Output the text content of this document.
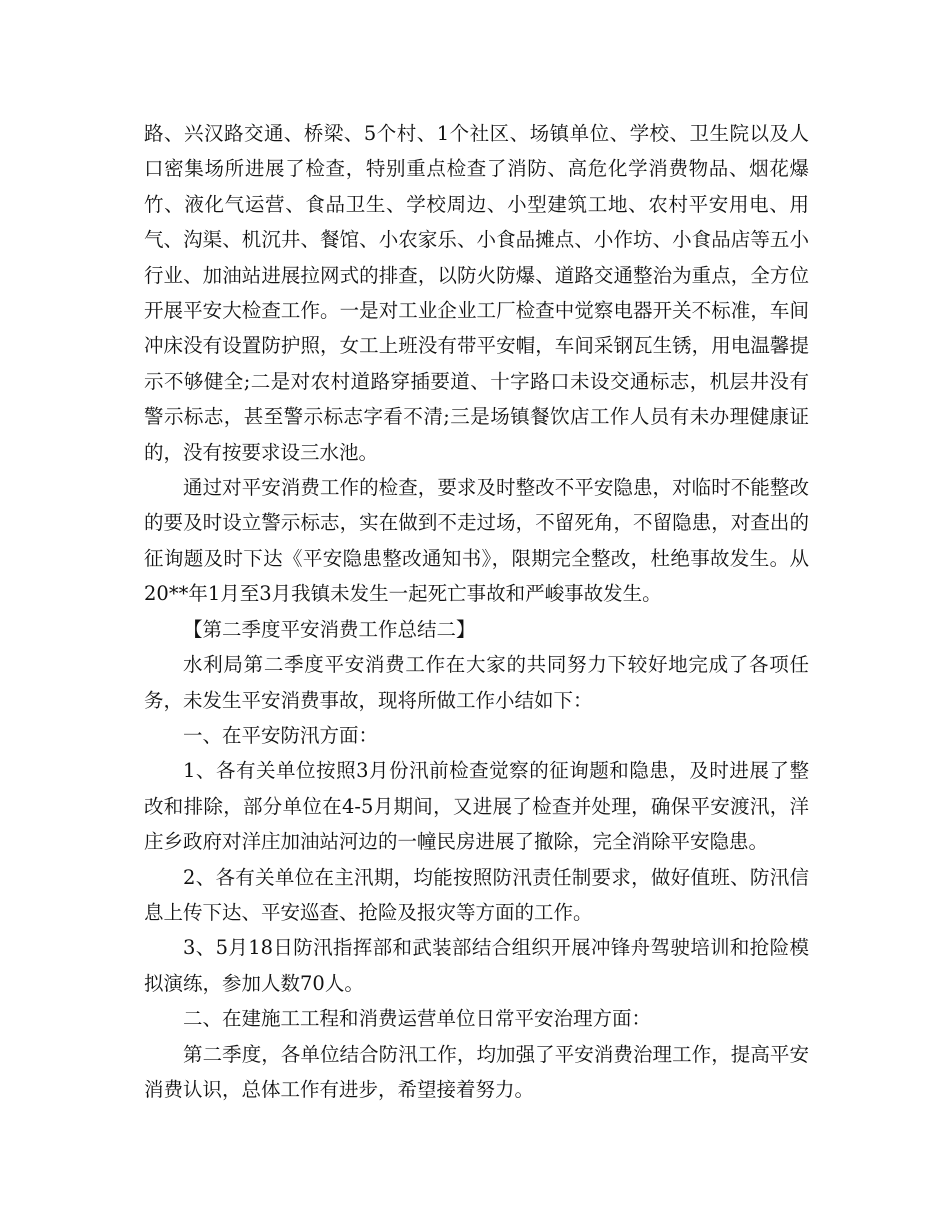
路、兴汉路交通、桥梁、5个村、1个社区、场镇单位、学校、卫生院以及人口密集场所进展了检查，特别重点检查了消防、高危化学消费物品、烟花爆竹、液化气运营、食品卫生、学校周边、小型建筑工地、农村平安用电、用气、沟渠、机沉井、餐馆、小农家乐、小食品摊点、小作坊、小食品店等五小行业、加油站进展拉网式的排查，以防火防爆、道路交通整治为重点，全方位开展平安大检查工作。一是对工业企业工厂检查中觉察电器开关不标准，车间冲床没有设置防护照，女工上班没有带平安帽，车间采钢瓦生锈，用电温馨提示不够健全;二是对农村道路穿插要道、十字路口未设交通标志，机层井没有警示标志，甚至警示标志字看不清;三是场镇餐饮店工作人员有未办理健康证的，没有按要求设三水池。

通过对平安消费工作的检查，要求及时整改不平安隐患，对临时不能整改的要及时设立警示标志，实在做到不走过场，不留死角，不留隐患，对查出的征询题及时下达《平安隐患整改通知书》，限期完全整改，杜绝事故发生。从20**年1月至3月我镇未发生一起死亡事故和严峻事故发生。

【第二季度平安消费工作总结二】

水利局第二季度平安消费工作在大家的共同努力下较好地完成了各项任务，未发生平安消费事故，现将所做工作小结如下：

一、在平安防汛方面：

1、各有关单位按照3月份汛前检查觉察的征询题和隐患，及时进展了整改和排除，部分单位在4-5月期间，又进展了检查并处理，确保平安渡汛，洋庄乡政府对洋庄加油站河边的一幢民房进展了撤除，完全消除平安隐患。

2、各有关单位在主汛期，均能按照防汛责任制要求，做好值班、防汛信息上传下达、平安巡查、抢险及报灾等方面的工作。

3、5月18日防汛指挥部和武装部结合组织开展冲锋舟驾驶培训和抢险模拟演练，参加人数70人。

二、在建施工工程和消费运营单位日常平安治理方面：

第二季度，各单位结合防汛工作，均加强了平安消费治理工作，提高平安消费认识，总体工作有进步，希望接着努力。
